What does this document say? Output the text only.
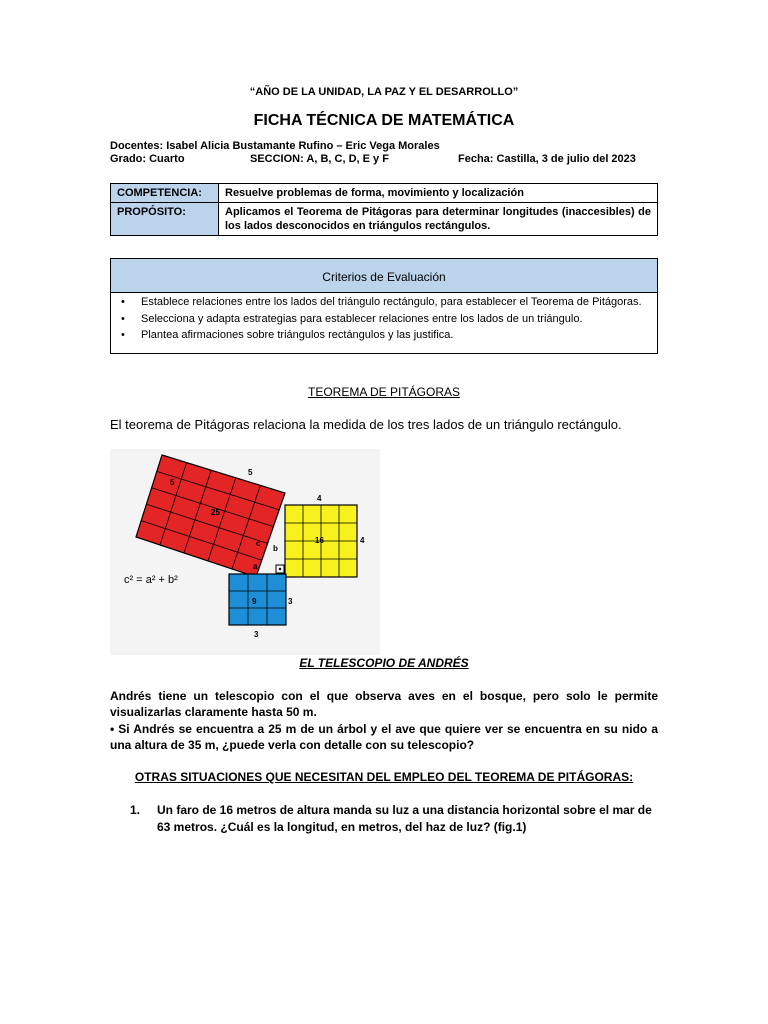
“AÑO DE LA UNIDAD, LA PAZ Y EL DESARROLLO”
FICHA TÉCNICA DE MATEMÁTICA
Docentes: Isabel Alicia Bustamante Rufino – Eric Vega Morales
Grado: Cuarto	SECCION: A, B, C, D, E y F	Fecha: Castilla, 3 de julio del 2023
COMPETENCIA:	Resuelve problemas de forma, movimiento y localización
PROPÓSITO:	Aplicamos el Teorema de Pitágoras para determinar longitudes (inaccesibles) de los lados desconocidos en triángulos rectángulos.
Criterios de Evaluación
• Establece relaciones entre los lados del triángulo rectángulo, para establecer el Teorema de Pitágoras.
• Selecciona y adapta estrategias para establecer relaciones entre los lados de un triángulo.
• Plantea afirmaciones sobre triángulos rectángulos y las justifica.
TEOREMA DE PITÁGORAS
El teorema de Pitágoras relaciona la medida de los tres lados de un triángulo rectángulo.
5
5
25
4
4
16
9	3
3
c
b
a
c² = a² + b²
EL TELESCOPIO DE ANDRÉS
Andrés tiene un telescopio con el que observa aves en el bosque, pero solo le permite visualizarlas claramente hasta 50 m.
• Si Andrés se encuentra a 25 m de un árbol y el ave que quiere ver se encuentra en su nido a una altura de 35 m, ¿puede verla con detalle con su telescopio?
OTRAS SITUACIONES QUE NECESITAN DEL EMPLEO DEL TEOREMA DE PITÁGORAS:
1. Un faro de 16 metros de altura manda su luz a una distancia horizontal sobre el mar de 63 metros. ¿Cuál es la longitud, en metros, del haz de luz? (fig.1)
